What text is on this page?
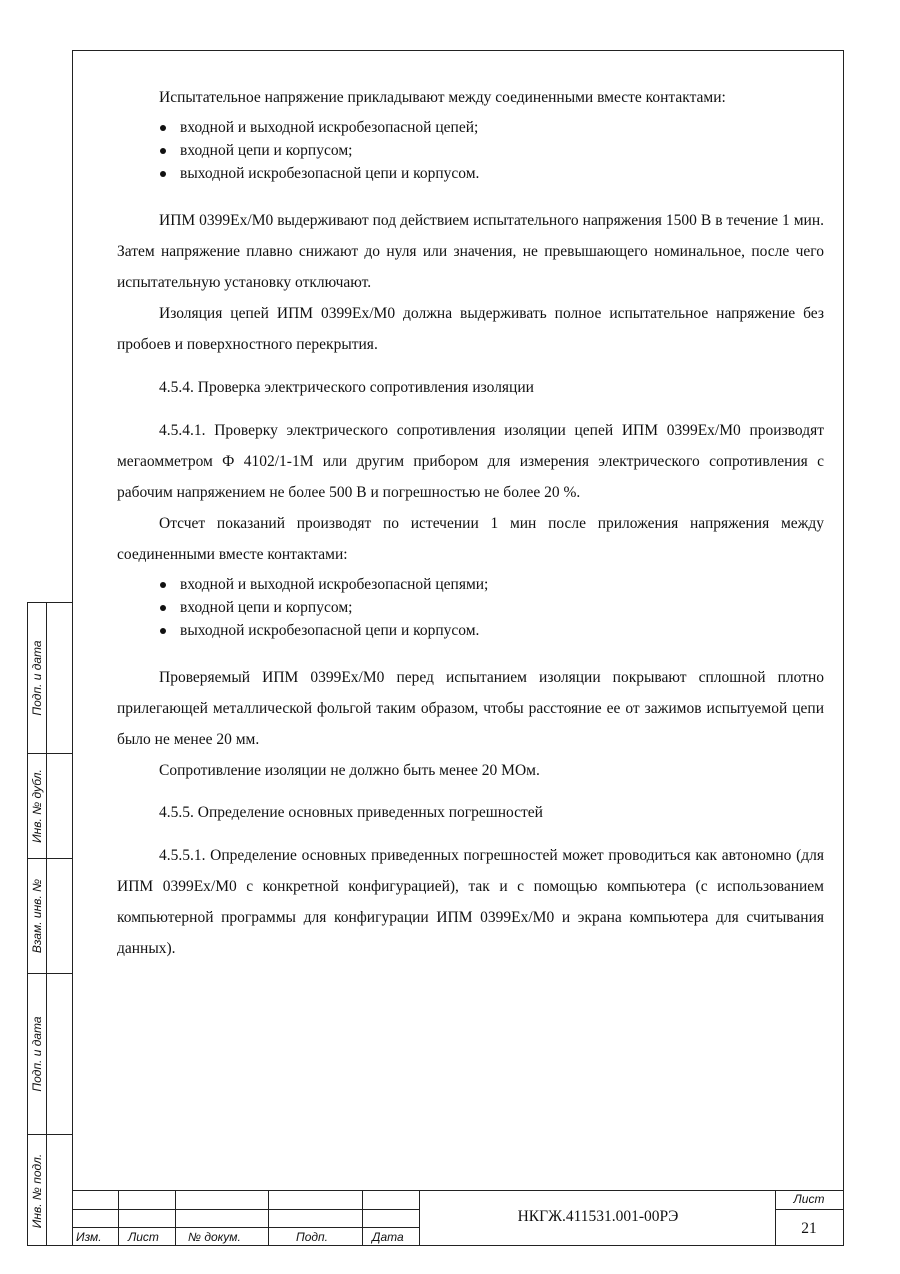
Подп. и дата
Инв. № дубл.
Взам. инв. №
Подп. и дата
Инв. № подл.

Испытательное напряжение прикладывают между соединенными вместе контактами:

входной и выходной искробезопасной цепей;
входной цепи и корпусом;
выходной искробезопасной цепи и корпусом.

ИПМ 0399Ex/M0 выдерживают под действием испытательного напряжения 1500 В в течение 1 мин. Затем напряжение плавно снижают до нуля или значения, не превышающего номинальное, после чего испытательную установку отключают.

Изоляция цепей ИПМ 0399Ex/M0 должна выдерживать полное испытательное напряжение без пробоев и поверхностного перекрытия.

4.5.4. Проверка электрического сопротивления изоляции

4.5.4.1. Проверку электрического сопротивления изоляции цепей ИПМ 0399Ex/M0 производят мегаомметром Ф 4102/1-1М или другим прибором для измерения электрического сопротивления с рабочим напряжением не более 500 В и погрешностью не более 20 %.

Отсчет показаний производят по истечении 1 мин после приложения напряжения между соединенными вместе контактами:

входной и выходной искробезопасной цепями;
входной цепи и корпусом;
выходной искробезопасной цепи и корпусом.

Проверяемый ИПМ 0399Ex/M0 перед испытанием изоляции покрывают сплошной плотно прилегающей металлической фольгой таким образом, чтобы расстояние ее от зажимов испытуемой цепи было не менее 20 мм.

Сопротивление изоляции не должно быть менее 20 МОм.

4.5.5. Определение основных приведенных погрешностей

4.5.5.1. Определение основных приведенных погрешностей может проводиться как автономно (для ИПМ 0399Ex/M0 с конкретной конфигурацией), так и с помощью компьютера (с использованием компьютерной программы для конфигурации ИПМ 0399Ex/M0 и экрана компьютера для считывания данных).

Изм. Лист № докум.	Подп.	Дата
НКГЖ.411531.001-00РЭ
Лист
21
